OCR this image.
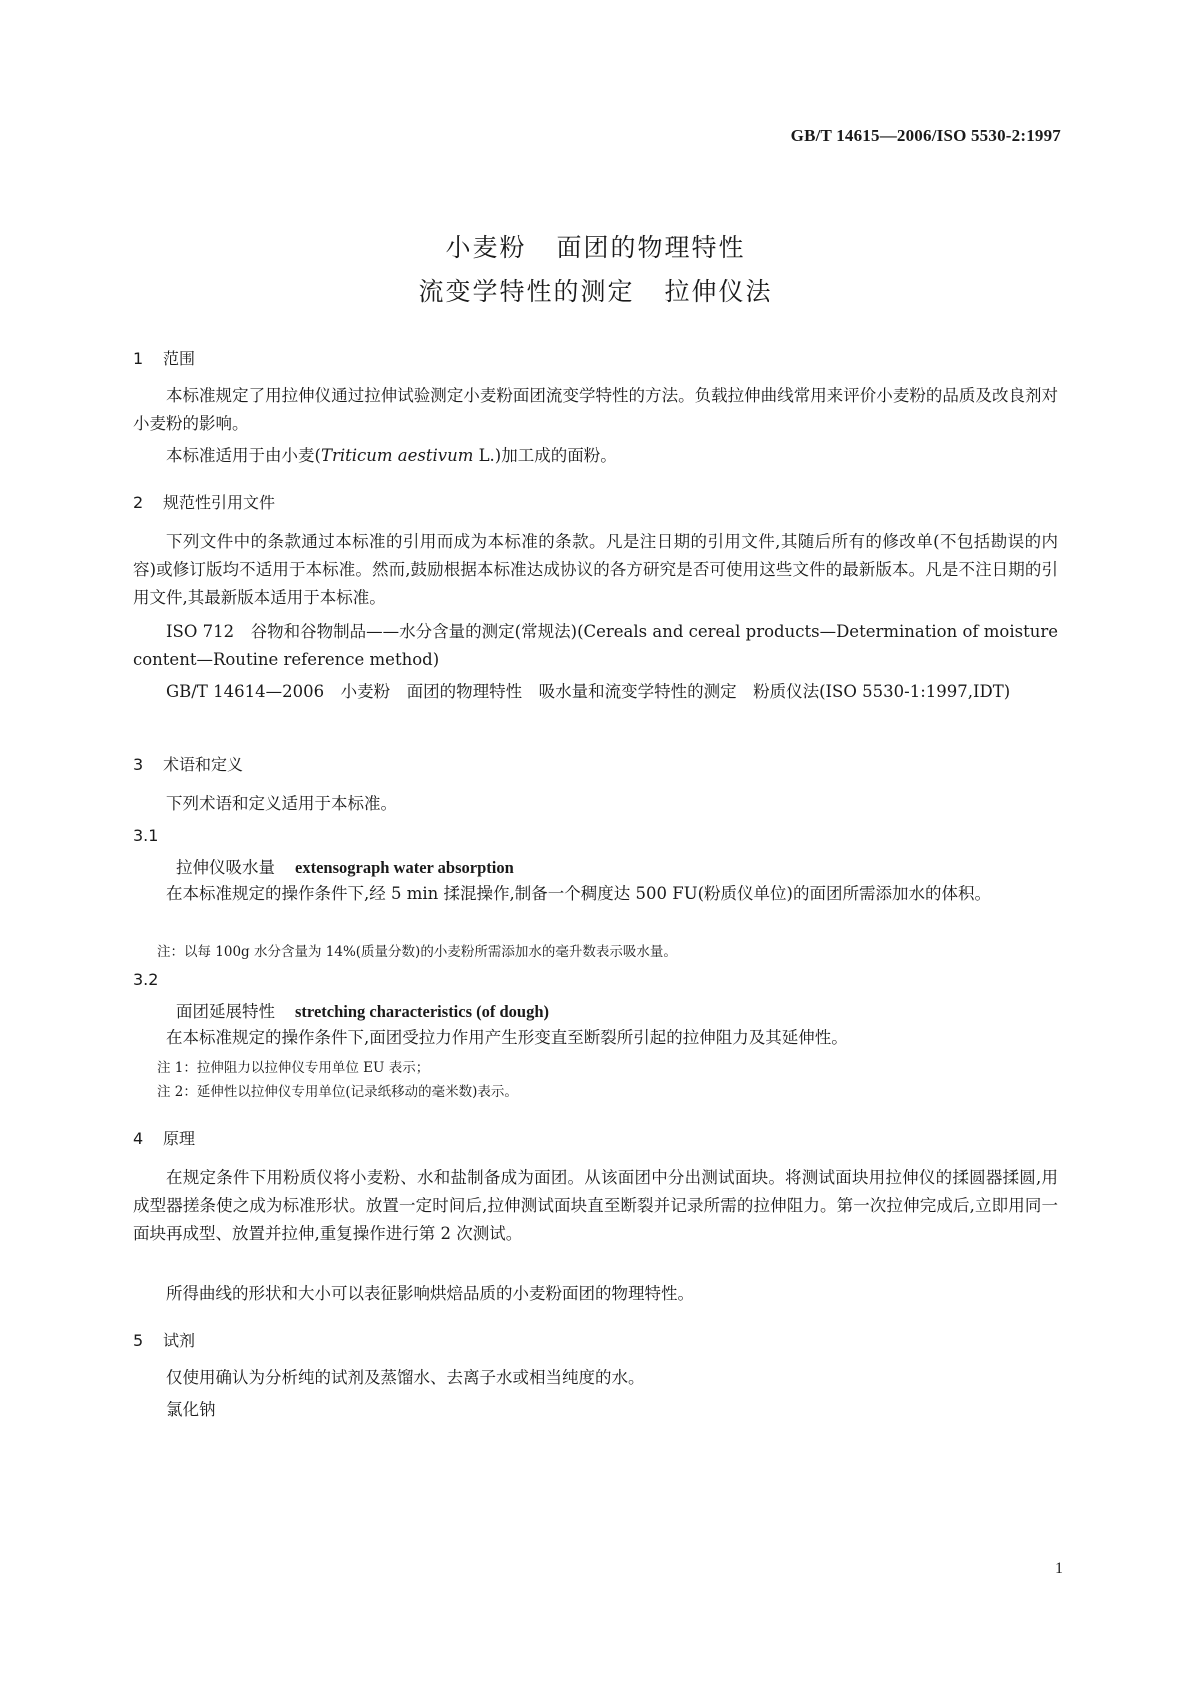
GB/T 14615—2006/ISO 5530-2:1997
小麦粉 面团的物理特性
流变学特性的测定 拉伸仪法
1 范围
本标准规定了用拉伸仪通过拉伸试验测定小麦粉面团流变学特性的方法。负载拉伸曲线常用来评价小麦粉的品质及改良剂对小麦粉的影响。
本标准适用于由小麦(Triticum aestivum L.)加工成的面粉。
2 规范性引用文件
下列文件中的条款通过本标准的引用而成为本标准的条款。凡是注日期的引用文件,其随后所有的修改单(不包括勘误的内容)或修订版均不适用于本标准。然而,鼓励根据本标准达成协议的各方研究是否可使用这些文件的最新版本。凡是不注日期的引用文件,其最新版本适用于本标准。
ISO 712　谷物和谷物制品——水分含量的测定(常规法)(Cereals and cereal products—Determination of moisture content—Routine reference method)
GB/T 14614—2006　小麦粉　面团的物理特性　吸水量和流变学特性的测定　粉质仪法(ISO 5530-1:1997,IDT)
3 术语和定义
下列术语和定义适用于本标准。
3.1
拉伸仪吸水量 extensograph water absorption
在本标准规定的操作条件下,经 5 min 揉混操作,制备一个稠度达 500 FU(粉质仪单位)的面团所需添加水的体积。
注：以每 100g 水分含量为 14%(质量分数)的小麦粉所需添加水的毫升数表示吸水量。
3.2
面团延展特性 stretching characteristics (of dough)
在本标准规定的操作条件下,面团受拉力作用产生形变直至断裂所引起的拉伸阻力及其延伸性。
注 1：拉伸阻力以拉伸仪专用单位 EU 表示；
注 2：延伸性以拉伸仪专用单位(记录纸移动的毫米数)表示。
4 原理
在规定条件下用粉质仪将小麦粉、水和盐制备成为面团。从该面团中分出测试面块。将测试面块用拉伸仪的揉圆器揉圆,用成型器搓条使之成为标准形状。放置一定时间后,拉伸测试面块直至断裂并记录所需的拉伸阻力。第一次拉伸完成后,立即用同一面块再成型、放置并拉伸,重复操作进行第 2 次测试。
所得曲线的形状和大小可以表征影响烘焙品质的小麦粉面团的物理特性。
5 试剂
仅使用确认为分析纯的试剂及蒸馏水、去离子水或相当纯度的水。
氯化钠
1
